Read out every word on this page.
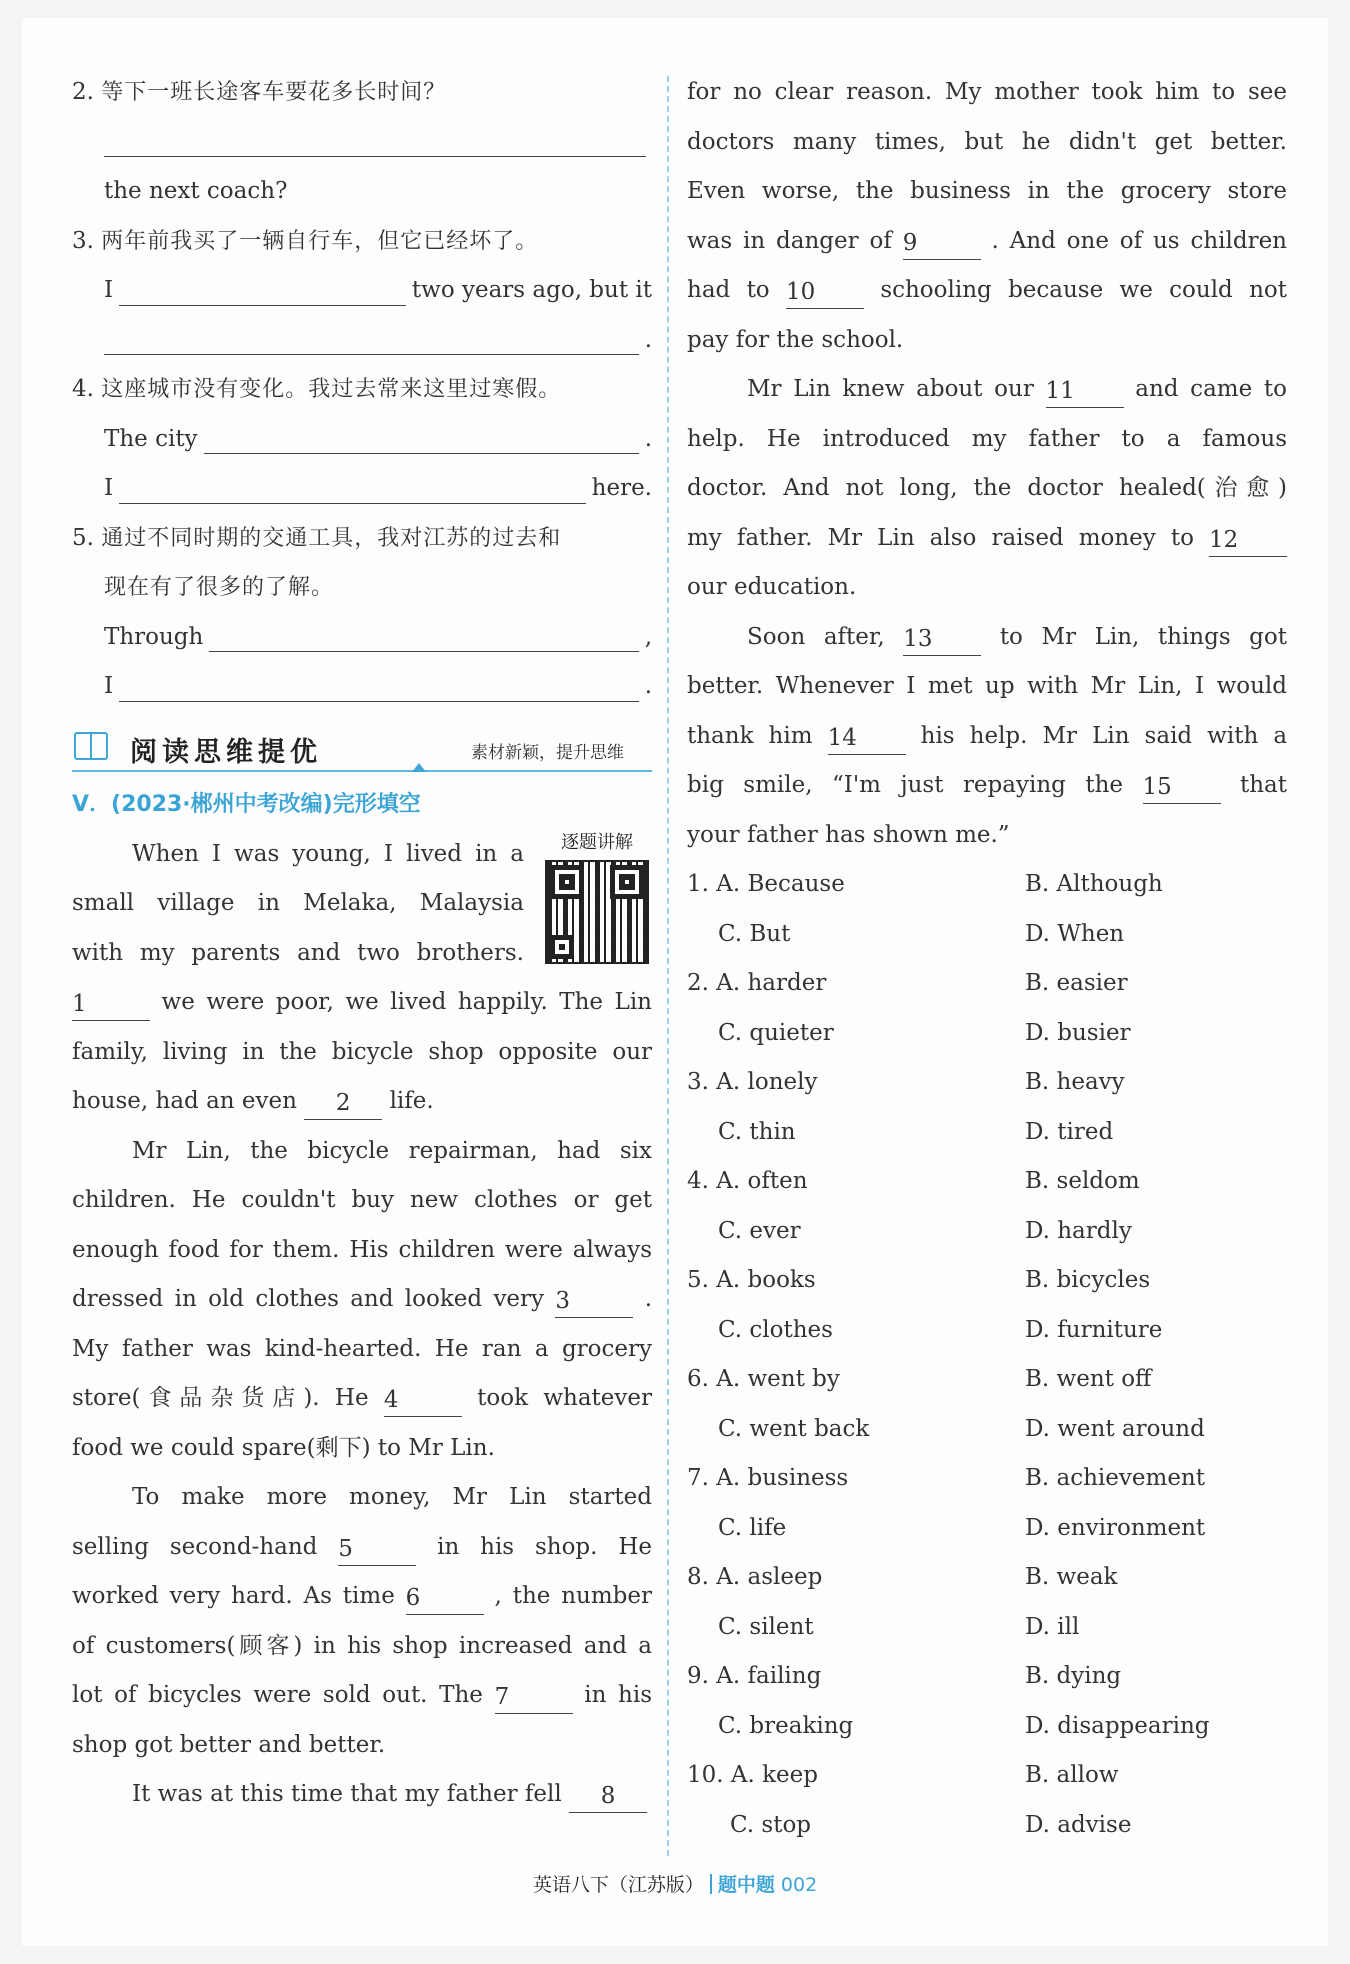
2. 等下一班长途客车要花多长时间？
the next coach?
3. 两年前我买了一辆自行车，但它已经坏了。
I	two years ago, but it
.
4. 这座城市没有变化。我过去常来这里过寒假。
The city	.
I	here.
5. 通过不同时期的交通工具，我对江苏的过去和
现在有了很多的了解。
Through	,
I	.
阅读思维提优	素材新颖，提升思维
V．(2023·郴州中考改编)完形填空
逐题讲解
When I was young, I lived in a
small village in Melaka, Malaysia
with my parents and two brothers.
1	we were poor, we lived happily. The Lin
family, living in the bicycle shop opposite our
house, had an even 2 life.
Mr Lin, the bicycle repairman, had six
children. He couldn't buy new clothes or get
enough food for them. His children were always
dressed in old clothes and looked very 3	.
My father was kind-hearted. He ran a grocery
store(食品杂货店). He 4	took whatever
food we could spare(剩下) to Mr Lin.
To make more money, Mr Lin started
selling second-hand 5	in his shop. He
worked very hard. As time 6	, the number
of customers(顾客) in his shop increased and a
lot of bicycles were sold out. The 7	in his
shop got better and better.
It was at this time that my father fell 8
for no clear reason. My mother took him to see
doctors many times, but he didn't get better.
Even worse, the business in the grocery store
was in danger of 9	. And one of us children
had to 10	schooling because we could not
pay for the school.
Mr Lin knew about our 11	and came to
help. He introduced my father to a famous
doctor. And not long, the doctor healed(治愈)
my father. Mr Lin also raised money to 12
our education.
Soon after, 13	to Mr Lin, things got
better. Whenever I met up with Mr Lin, I would
thank him 14	his help. Mr Lin said with a
big smile, “I'm just repaying the 15	that
your father has shown me.”
1. A. Because	B. Although
C. But	D. When
2. A. harder	B. easier
C. quieter	D. busier
3. A. lonely	B. heavy
C. thin	D. tired
4. A. often	B. seldom
C. ever	D. hardly
5. A. books	B. bicycles
C. clothes	D. furniture
6. A. went by	B. went off
C. went back	D. went around
7. A. business	B. achievement
C. life	D. environment
8. A. asleep	B. weak
C. silent	D. ill
9. A. failing	B. dying
C. breaking	D. disappearing
10. A. keep	B. allow
C. stop	D. advise
英语八下（江苏版） 题中题 002
